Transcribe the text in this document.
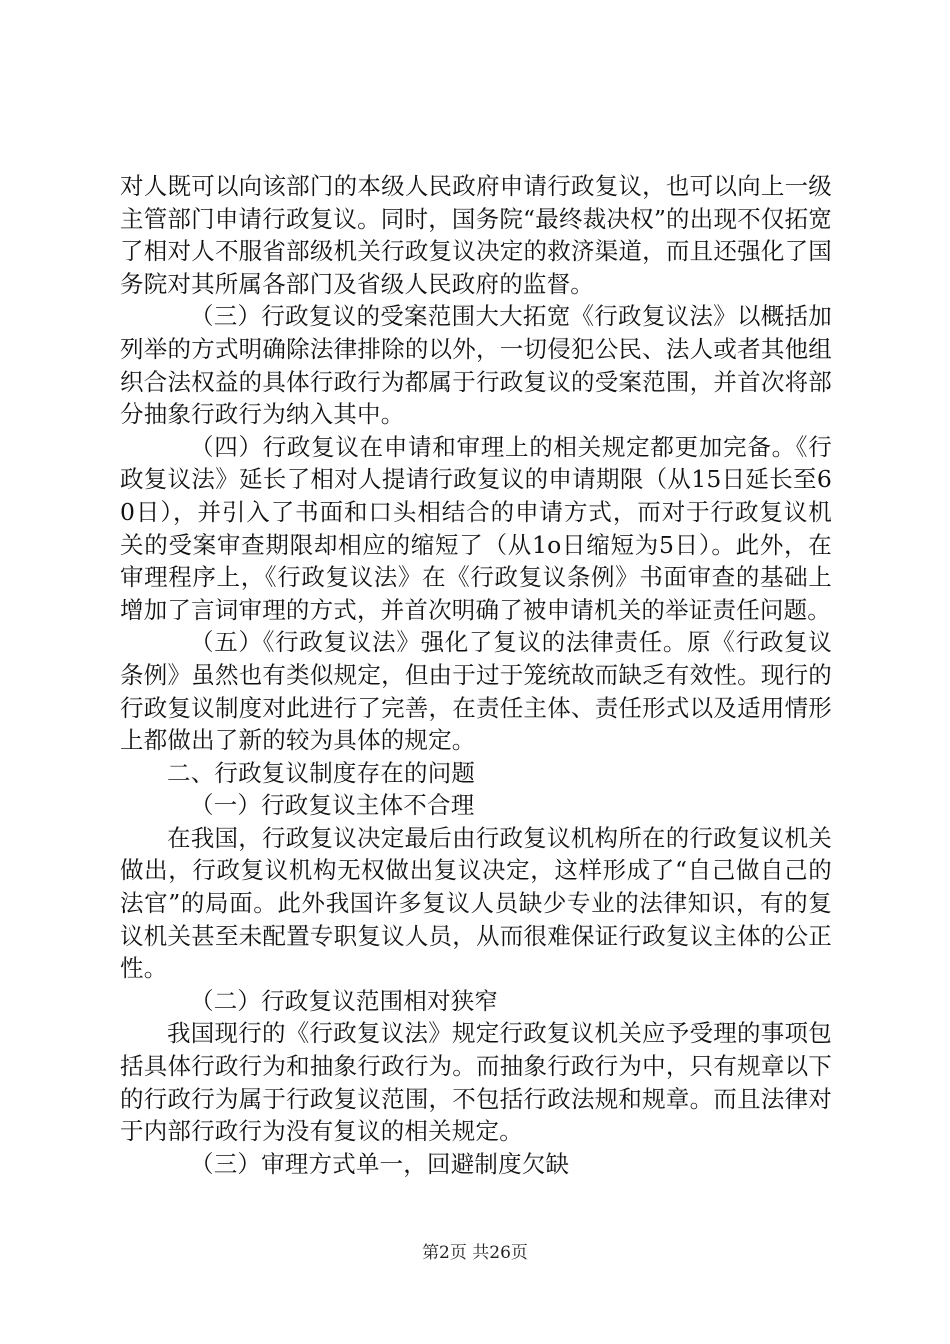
对人既可以向该部门的本级人民政府申请行政复议，也可以向上一级主管部门申请行政复议。同时，国务院“最终裁决权”的出现不仅拓宽了相对人不服省部级机关行政复议决定的救济渠道，而且还强化了国务院对其所属各部门及省级人民政府的监督。

（三）行政复议的受案范围大大拓宽《行政复议法》以概括加列举的方式明确除法律排除的以外，一切侵犯公民、法人或者其他组织合法权益的具体行政行为都属于行政复议的受案范围，并首次将部分抽象行政行为纳入其中。

（四）行政复议在申请和审理上的相关规定都更加完备。《行政复议法》延长了相对人提请行政复议的申请期限（从15日延长至60日），并引入了书面和口头相结合的申请方式，而对于行政复议机关的受案审查期限却相应的缩短了（从1o日缩短为5日）。此外，在审理程序上，《行政复议法》在《行政复议条例》书面审查的基础上增加了言词审理的方式，并首次明确了被申请机关的举证责任问题。

（五）《行政复议法》强化了复议的法律责任。原《行政复议条例》虽然也有类似规定，但由于过于笼统故而缺乏有效性。现行的行政复议制度对此进行了完善，在责任主体、责任形式以及适用情形上都做出了新的较为具体的规定。

二、行政复议制度存在的问题

（一）行政复议主体不合理

在我国，行政复议决定最后由行政复议机构所在的行政复议机关做出，行政复议机构无权做出复议决定，这样形成了“自己做自己的法官”的局面。此外我国许多复议人员缺少专业的法律知识，有的复议机关甚至未配置专职复议人员，从而很难保证行政复议主体的公正性。

（二）行政复议范围相对狭窄

我国现行的《行政复议法》规定行政复议机关应予受理的事项包括具体行政行为和抽象行政行为。而抽象行政行为中，只有规章以下的行政行为属于行政复议范围，不包括行政法规和规章。而且法律对于内部行政行为没有复议的相关规定。

（三）审理方式单一，回避制度欠缺

第2页 共26页
